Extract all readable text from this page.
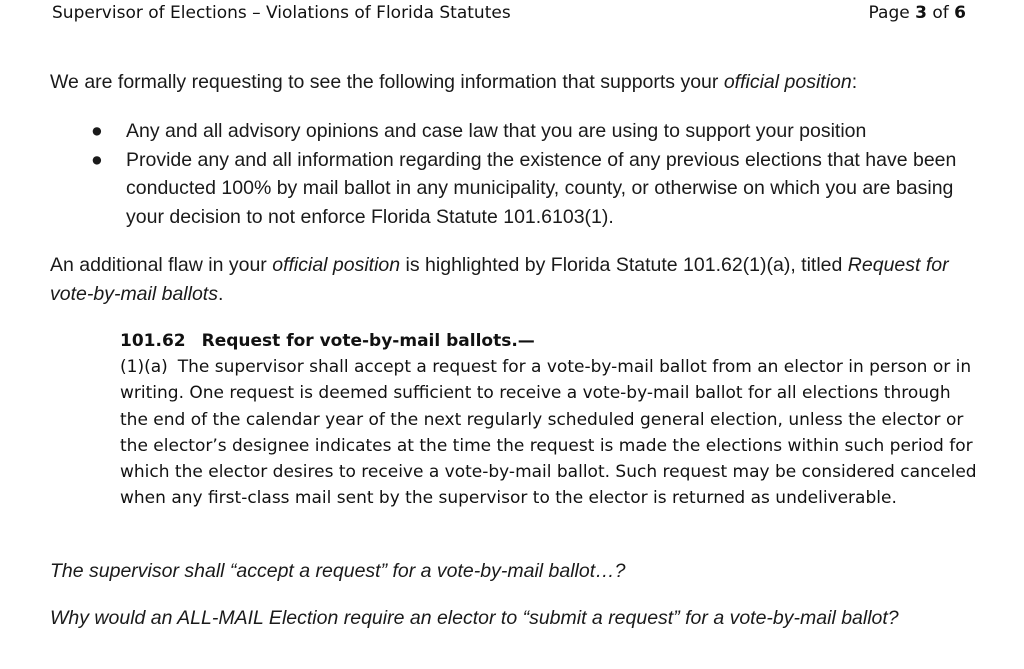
Supervisor of Elections – Violations of Florida Statutes	Page 3 of 6

We are formally requesting to see the following information that supports your official position:

● Any and all advisory opinions and case law that you are using to support your position
● Provide any and all information regarding the existence of any previous elections that have been conducted 100% by mail ballot in any municipality, county, or otherwise on which you are basing your decision to not enforce Florida Statute 101.6103(1).

An additional flaw in your official position is highlighted by Florida Statute 101.62(1)(a), titled Request for vote-by-mail ballots.

101.62 Request for vote-by-mail ballots.—
(1)(a) The supervisor shall accept a request for a vote-by-mail ballot from an elector in person or in writing. One request is deemed sufficient to receive a vote-by-mail ballot for all elections through the end of the calendar year of the next regularly scheduled general election, unless the elector or the elector’s designee indicates at the time the request is made the elections within such period for which the elector desires to receive a vote-by-mail ballot. Such request may be considered canceled when any first-class mail sent by the supervisor to the elector is returned as undeliverable.

The supervisor shall “accept a request” for a vote-by-mail ballot…?

Why would an ALL-MAIL Election require an elector to “submit a request” for a vote-by-mail ballot?
